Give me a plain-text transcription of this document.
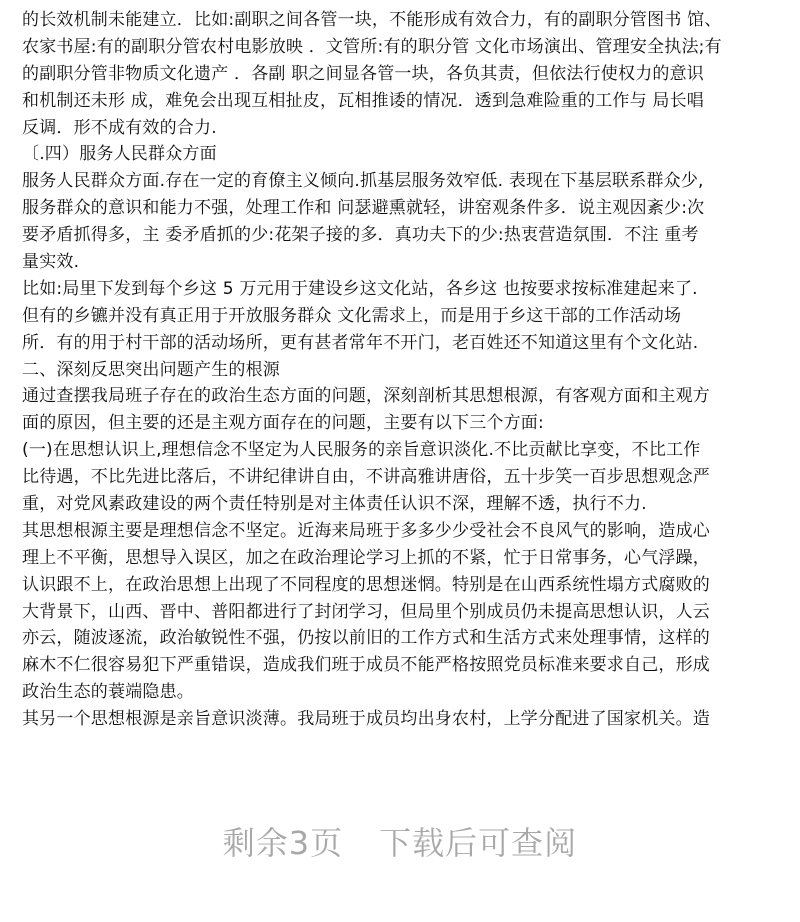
的长效机制未能建立．比如:副职之间各管一块，不能形成有效合力，有的副职分管图书 馆、
农家书屋:有的副职分管农村电影放映 ．文管所:有的职分管 文化市场演出、管理安全执法;有
的副职分管非物质文化遗产 ．各副 职之间显各管一块，各负其责，但依法行使权力的意识
和机制还未形 成，难免会出现互相扯皮，瓦相推诿的情况．透到急难险重的工作与 局长唱
反调．形不成有效的合力.
〔.四）服务人民群众方面
服务人民群众方面.存在一定的育僚主义倾向.抓基层服务效窄低. 表现在下基层联系群众少,
服务群众的意识和能力不强，处理工作和 问瑟避熏就轻，讲窑观条件多．说主观因紊少:次
要矛盾抓得多，主 委矛盾抓的少:花架子接的多．真功夫下的少:热衷营造氛围．不注 重考
量实效.
比如:局里下发到每个乡这 5 万元用于建设乡这文化站，各乡这 也按要求按标准建起来了.
但有的乡镳并没有真正用于开放服务群众 文化需求上，而是用于乡这干部的工作活动场
所．有的用于村干部的活动场所，更有甚者常年不开门，老百姓还不知道这里有个文化站.
二、深刻反思突出问题产生的根源
通过查摆我局班子存在的政治生态方面的问题，深刻剖析其思想根源，有客观方面和主观方
面的原因，但主要的还是主观方面存在的问题，主要有以下三个方面:
(一)在思想认识上,理想信念不坚定为人民服务的亲旨意识淡化.不比贡献比享变，不比工作
比待遇，不比先进比落后，不讲纪律讲自由，不讲高雅讲唐俗，五十步笑一百步思想观念严
重，对党风素政建设的两个责任特别是对主体责任认识不深，理解不透，执行不力.
其思想根源主要是理想信念不坚定。近海来局班于多多少少受社会不良风气的影响，造成心
理上不平衡，思想导入误区，加之在政治理论学习上抓的不紧，忙于日常事务，心气浮躁，
认识跟不上，在政治思想上出现了不同程度的思想迷惘。特别是在山西系统性塌方式腐败的
大背景下，山西、晋中、普阳都进行了封闭学习，但局里个别成员仍未提高思想认识，人云
亦云，随波逐流，政治敏锐性不强，仍按以前旧的工作方式和生活方式来处理事情，这样的
麻木不仁很容易犯下严重错误，造成我们班于成员不能严格按照党员标准来要求自己，形成
政治生态的蓑端隐患。
其另一个思想根源是亲旨意识淡薄。我局班于成员均出身农村，上学分配进了国家机关。造
剩余3页 下载后可查阅
